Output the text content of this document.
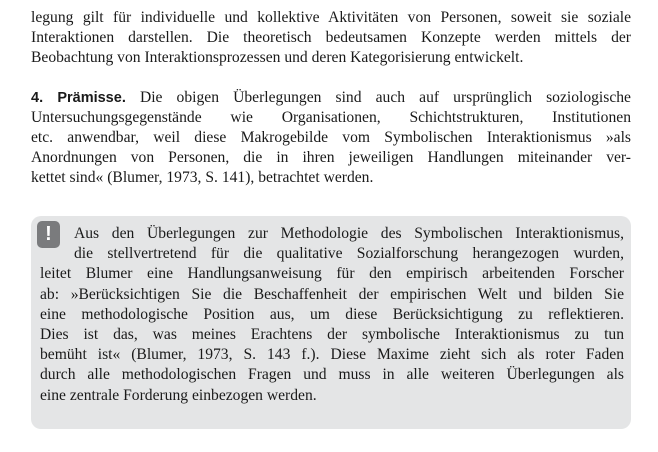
legung gilt für individuelle und kollektive Aktivitäten von Personen, soweit sie soziale
Interaktionen darstellen. Die theoretisch bedeutsamen Konzepte werden mittels der
Beobachtung von Interaktionsprozessen und deren Kategorisierung entwickelt.
4. Prämisse. Die obigen Überlegungen sind auch auf ursprünglich soziologische
Untersuchungsgegenstände wie Organisationen, Schichtstrukturen, Institutionen
etc. anwendbar, weil diese Makrogebilde vom Symbolischen Interaktionismus »als
Anordnungen von Personen, die in ihren jeweiligen Handlungen miteinander ver-
kettet sind« (Blumer, 1973, S. 141), betrachtet werden.
!	Aus den Überlegungen zur Methodologie des Symbolischen Interaktionismus,
die stellvertretend für die qualitative Sozialforschung herangezogen wurden,
leitet Blumer eine Handlungsanweisung für den empirisch arbeitenden Forscher
ab: »Berücksichtigen Sie die Beschaffenheit der empirischen Welt und bilden Sie
eine methodologische Position aus, um diese Berücksichtigung zu reflektieren.
Dies ist das, was meines Erachtens der symbolische Interaktionismus zu tun
bemüht ist« (Blumer, 1973, S. 143 f.). Diese Maxime zieht sich als roter Faden
durch alle methodologischen Fragen und muss in alle weiteren Überlegungen als
eine zentrale Forderung einbezogen werden.
